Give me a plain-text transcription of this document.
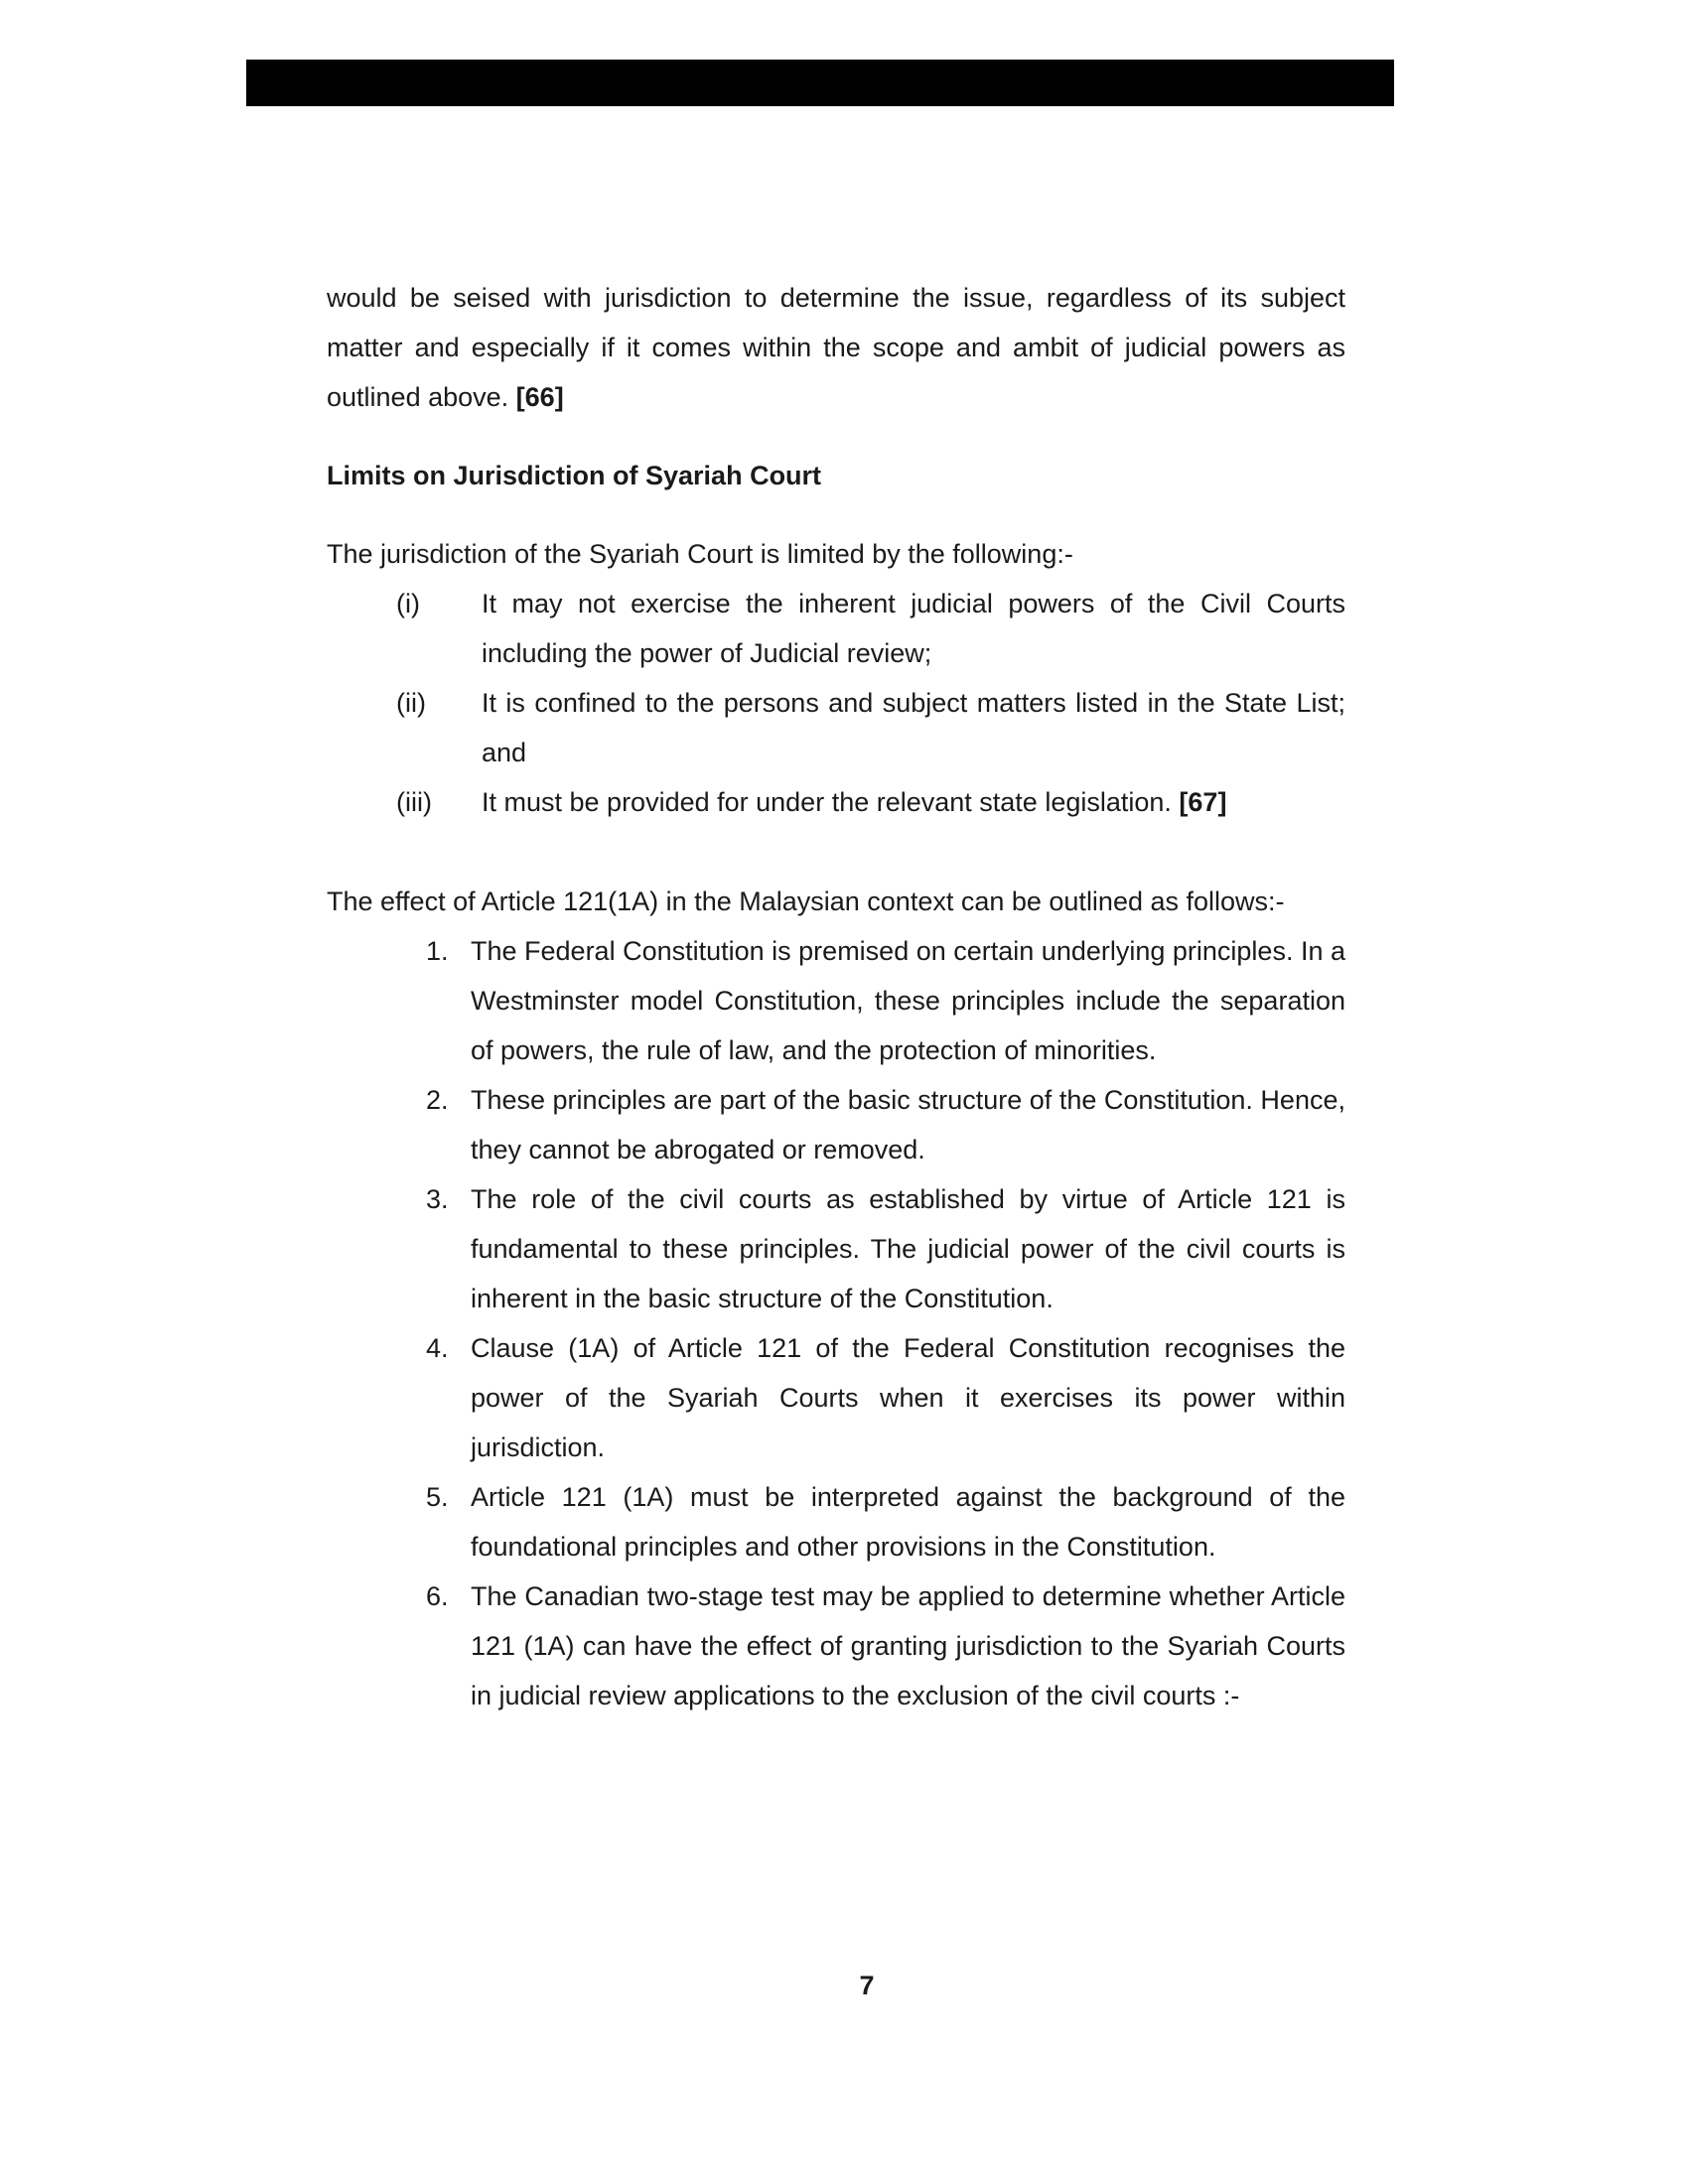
would be seised with jurisdiction to determine the issue, regardless of its subject matter and especially if it comes within the scope and ambit of judicial powers as outlined above. [66]

Limits on Jurisdiction of Syariah Court

The jurisdiction of the Syariah Court is limited by the following:-

(i)	It may not exercise the inherent judicial powers of the Civil Courts including the power of Judicial review;
(ii)	It is confined to the persons and subject matters listed in the State List; and
(iii)	It must be provided for under the relevant state legislation. [67]

The effect of Article 121(1A) in the Malaysian context can be outlined as follows:-

1. The Federal Constitution is premised on certain underlying principles. In a Westminster model Constitution, these principles include the separation of powers, the rule of law, and the protection of minorities.
2. These principles are part of the basic structure of the Constitution. Hence, they cannot be abrogated or removed.
3. The role of the civil courts as established by virtue of Article 121 is fundamental to these principles. The judicial power of the civil courts is inherent in the basic structure of the Constitution.
4. Clause (1A) of Article 121 of the Federal Constitution recognises the power of the Syariah Courts when it exercises its power within jurisdiction.
5. Article 121 (1A) must be interpreted against the background of the foundational principles and other provisions in the Constitution.
6. The Canadian two-stage test may be applied to determine whether Article 121 (1A) can have the effect of granting jurisdiction to the Syariah Courts in judicial review applications to the exclusion of the civil courts :-
7
